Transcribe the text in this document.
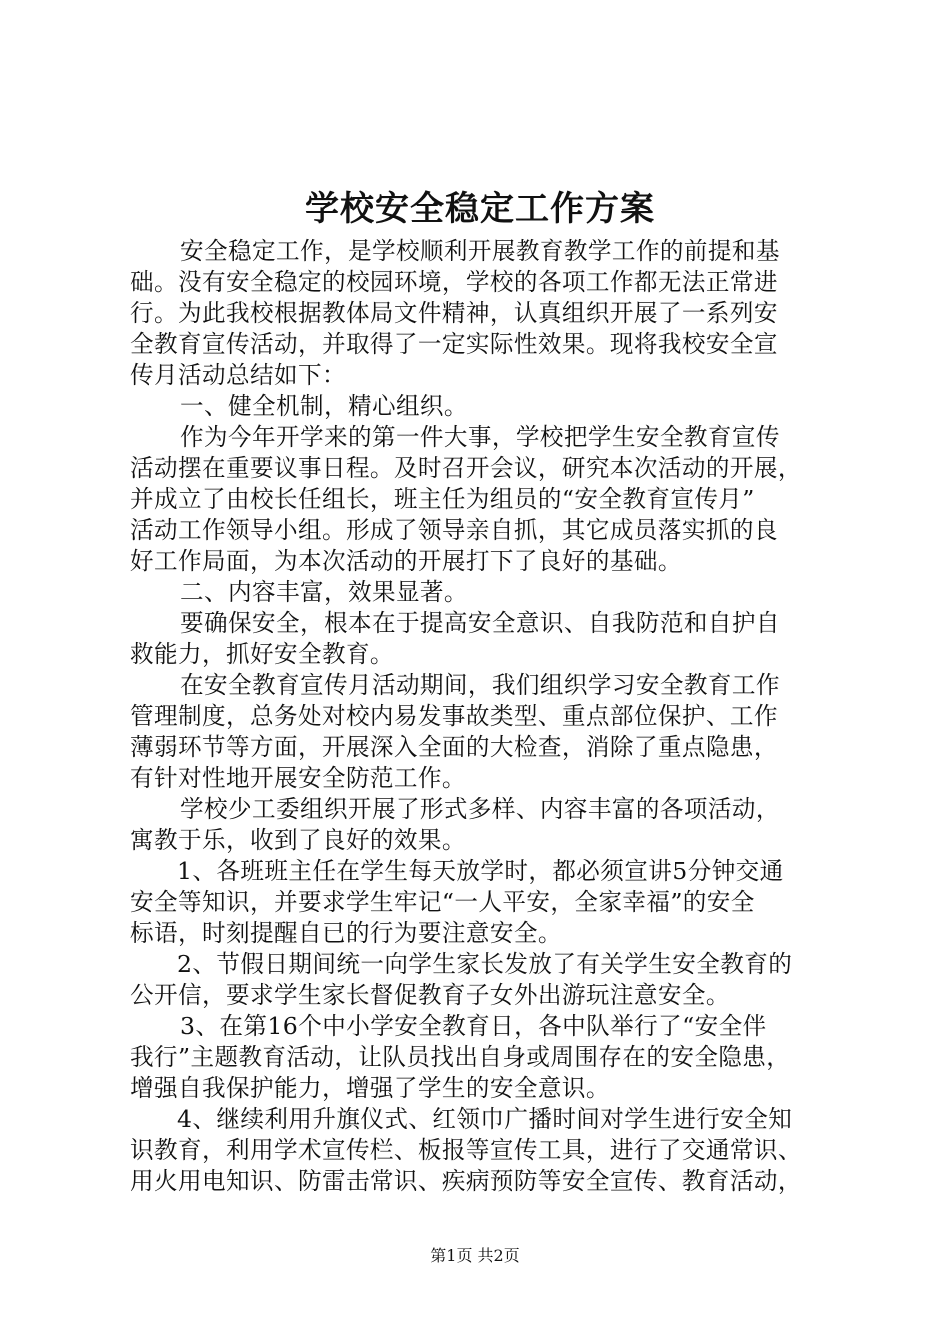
学校安全稳定工作方案
安全稳定工作，是学校顺利开展教育教学工作的前提和基
础。没有安全稳定的校园环境，学校的各项工作都无法正常进
行。为此我校根据教体局文件精神，认真组织开展了一系列安
全教育宣传活动，并取得了一定实际性效果。现将我校安全宣
传月活动总结如下：
一、健全机制，精心组织。
作为今年开学来的第一件大事，学校把学生安全教育宣传
活动摆在重要议事日程。及时召开会议，研究本次活动的开展，
并成立了由校长任组长，班主任为组员的“安全教育宣传月”
活动工作领导小组。形成了领导亲自抓，其它成员落实抓的良
好工作局面，为本次活动的开展打下了良好的基础。
二、内容丰富，效果显著。
要确保安全，根本在于提高安全意识、自我防范和自护自
救能力，抓好安全教育。
在安全教育宣传月活动期间，我们组织学习安全教育工作
管理制度，总务处对校内易发事故类型、重点部位保护、工作
薄弱环节等方面，开展深入全面的大检查，消除了重点隐患，
有针对性地开展安全防范工作。
学校少工委组织开展了形式多样、内容丰富的各项活动，
寓教于乐，收到了良好的效果。
1、各班班主任在学生每天放学时，都必须宣讲5分钟交通
安全等知识，并要求学生牢记“一人平安，全家幸福”的安全
标语，时刻提醒自已的行为要注意安全。
2、节假日期间统一向学生家长发放了有关学生安全教育的
公开信，要求学生家长督促教育子女外出游玩注意安全。
3、在第16个中小学安全教育日，各中队举行了“安全伴
我行”主题教育活动，让队员找出自身或周围存在的安全隐患，
增强自我保护能力，增强了学生的安全意识。
4、继续利用升旗仪式、红领巾广播时间对学生进行安全知
识教育，利用学术宣传栏、板报等宣传工具，进行了交通常识、
用火用电知识、防雷击常识、疾病预防等安全宣传、教育活动，
第1页 共2页
